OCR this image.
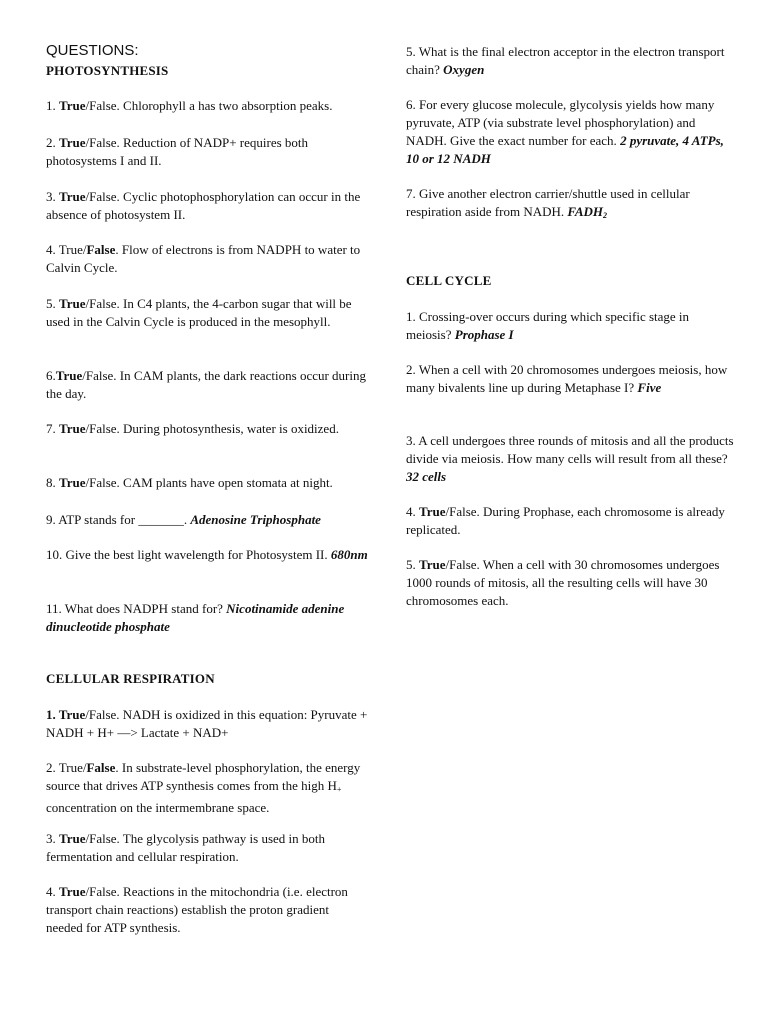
QUESTIONS:

PHOTOSYNTHESIS

1. True/False. Chlorophyll a has two absorption peaks.

2. True/False. Reduction of NADP+ requires both photosystems I and II.

3. True/False. Cyclic photophosphorylation can occur in the absence of photosystem II.

4. True/False. Flow of electrons is from NADPH to water to Calvin Cycle.

5. True/False. In C4 plants, the 4-carbon sugar that will be used in the Calvin Cycle is produced in the mesophyll.

6.True/False. In CAM plants, the dark reactions occur during the day.

7. True/False. During photosynthesis, water is oxidized.

8. True/False. CAM plants have open stomata at night.

9. ATP stands for _______. Adenosine Triphosphate

10. Give the best light wavelength for Photosystem II. 680nm

11. What does NADPH stand for? Nicotinamide adenine dinucleotide phosphate

CELLULAR RESPIRATION

1. True/False. NADH is oxidized in this equation: Pyruvate + NADH + H+ —> Lactate + NAD+

2. True/False. In substrate-level phosphorylation, the energy source that drives ATP synthesis comes from the high $H_+$ concentration on the intermembrane space.

3. True/False. The glycolysis pathway is used in both fermentation and cellular respiration.

4. True/False. Reactions in the mitochondria (i.e. electron transport chain reactions) establish the proton gradient needed for ATP synthesis.

5. What is the final electron acceptor in the electron transport chain? Oxygen

6. For every glucose molecule, glycolysis yields how many pyruvate, ATP (via substrate level phosphorylation) and NADH. Give the exact number for each. 2 pyruvate, 4 ATPs, 10 or 12 NADH

7. Give another electron carrier/shuttle used in cellular respiration aside from NADH. $FADH_2$

CELL CYCLE

1. Crossing-over occurs during which specific stage in meiosis? Prophase I

2. When a cell with 20 chromosomes undergoes meiosis, how many bivalents line up during Metaphase I? Five

3. A cell undergoes three rounds of mitosis and all the products divide via meiosis. How many cells will result from all these? 32 cells

4. True/False. During Prophase, each chromosome is already replicated.

5. True/False. When a cell with 30 chromosomes undergoes 1000 rounds of mitosis, all the resulting cells will have 30 chromosomes each.
